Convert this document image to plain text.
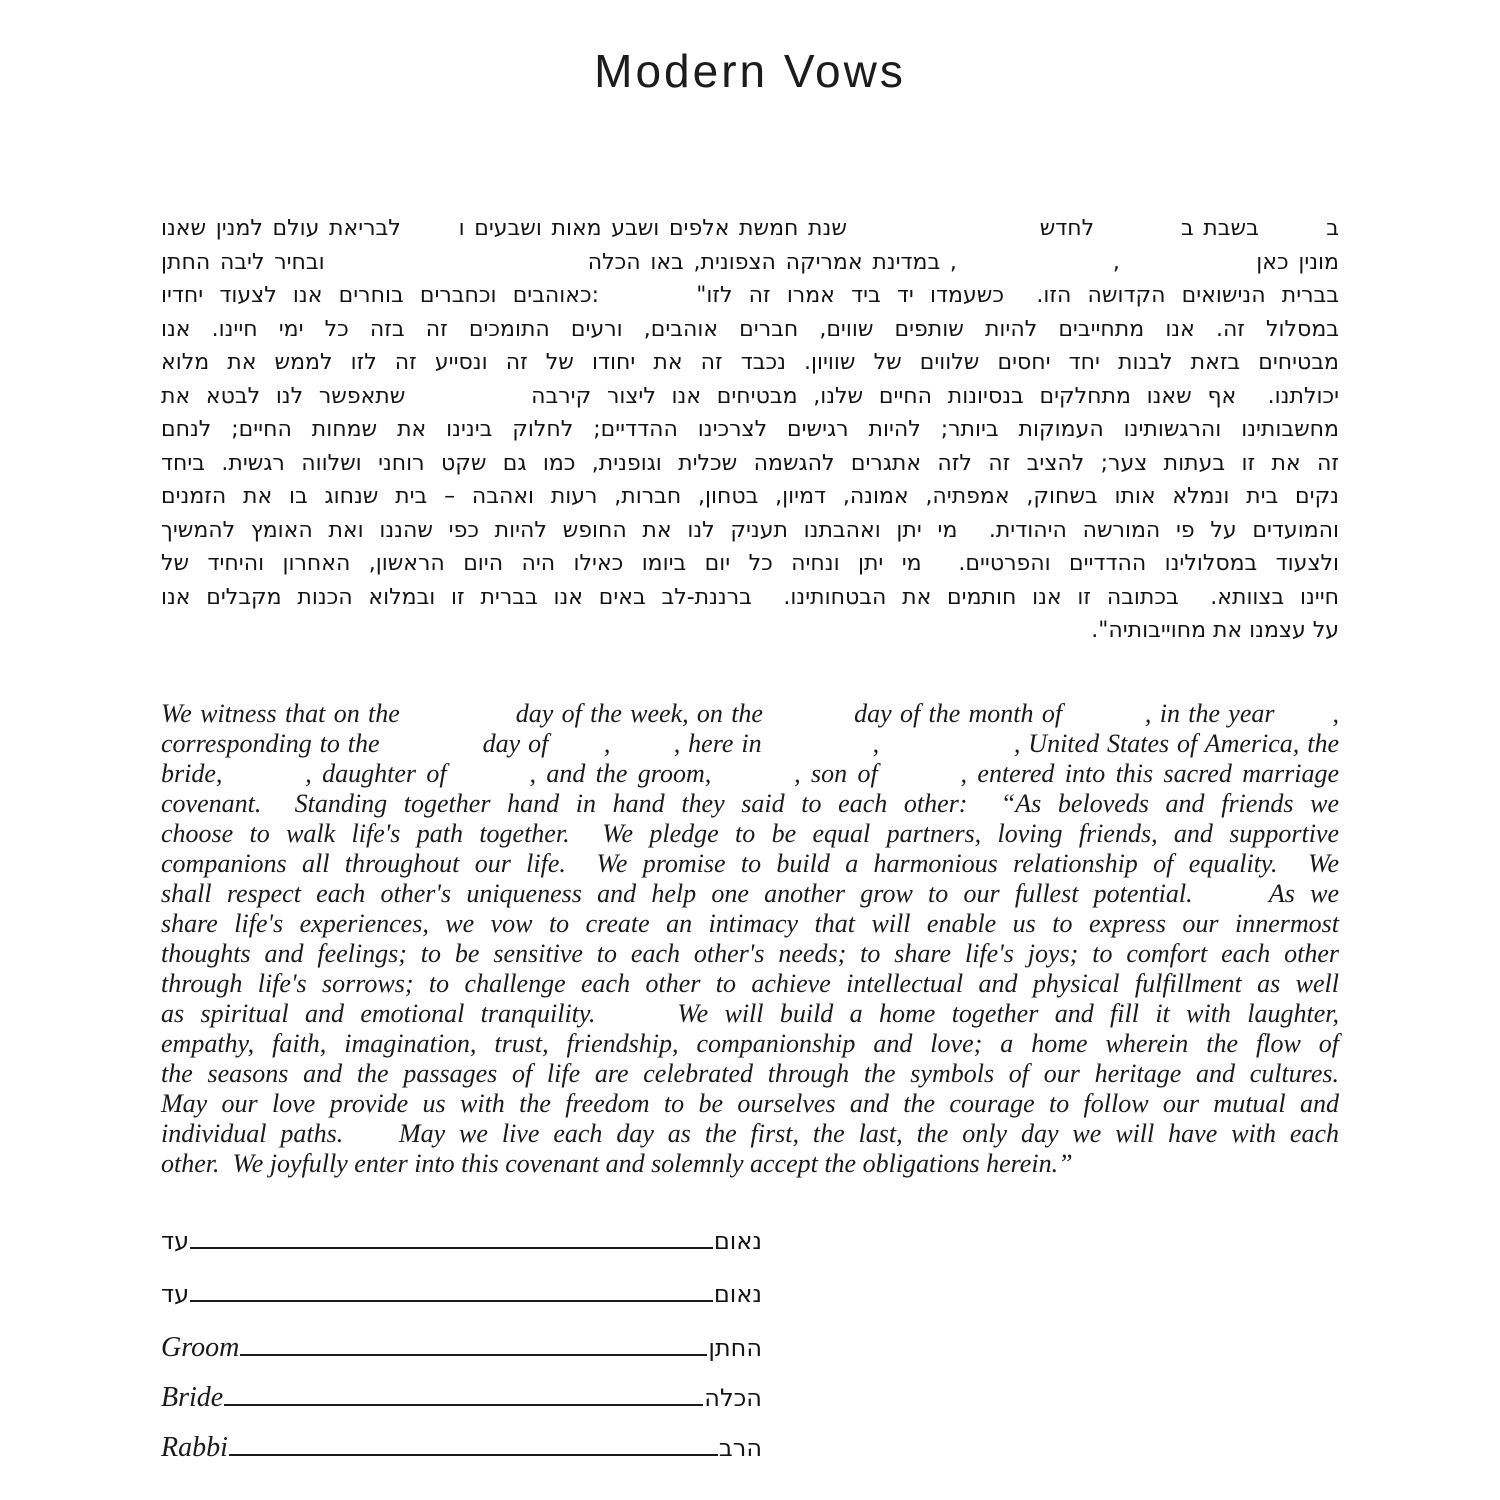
Modern Vows
ב       בשבת ב         לחדש                    שנת חמשת אלפים ושבע מאות ושבעים ו      לבריאת עולם למנין שאנו
מונין כאן              ,                , במדינת אמריקה הצפונית, באו הכלה                           ובחיר ליבה החתן
בברית הנישואים הקדושה הזו.  כשעמדו יד ביד אמרו זה לזו"      :כאוהבים וכחברים בוחרים אנו לצעוד יחדיו
במסלול זה. אנו מתחייבים להיות שותפים שווים, חברים אוהבים, ורעים התומכים זה בזה כל ימי חיינו. אנו
מבטיחים בזאת לבנות יחד יחסים שלווים של שוויון. נכבד זה את יחודו של זה ונסייע זה לזו לממש את מלוא
יכולתנו.  אף שאנו מתחלקים בנסיונות החיים שלנו, מבטיחים אנו ליצור קירבה        שתאפשר לנו לבטא את
מחשבותינו והרגשותינו העמוקות ביותר; להיות רגישים לצרכינו ההדדיים; לחלוק בינינו את שמחות החיים; לנחם
זה את זו בעתות צער; להציב זה לזה אתגרים להגשמה שכלית וגופנית, כמו גם שקט רוחני ושלווה רגשית. ביחד
נקים בית ונמלא אותו בשחוק, אמפתיה, אמונה, דמיון, בטחון, חברות, רעות ואהבה – בית שנחוג בו את הזמנים
והמועדים על פי המורשה היהודית.  מי יתן ואהבתנו תעניק לנו את החופש להיות כפי שהננו ואת האומץ להמשיך
ולצעוד במסלולינו ההדדיים והפרטיים.  מי יתן ונחיה כל יום ביומו כאילו היה היום הראשון, האחרון והיחיד של
חיינו בצוותא.  בכתובה זו אנו חותמים את הבטחותינו.  ברננת-לב באים אנו בברית זו ובמלוא הכנות מקבלים אנו
על עצמנו את מחוייבותיה".
We witness that on the              day of the week, on the           day of the month of          , in the year       ,
corresponding to the             day of       ,        , here in              ,                 , United States of America, the
bride,        , daughter of        , and the groom,        , son of        , entered into this sacred marriage
covenant.  Standing together hand in hand they said to each other:  “As beloveds and friends we
choose to walk life's path together.  We pledge to be equal partners, loving friends, and supportive
companions all throughout our life.  We promise to build a harmonious relationship of equality.  We
shall respect each other's uniqueness and help one another grow to our fullest potential.     As we
share life's experiences, we vow to create an intimacy that will enable us to express our innermost
thoughts and feelings; to be sensitive to each other's needs; to share life's joys; to comfort each other
through life's sorrows; to challenge each other to achieve intellectual and physical fulfillment as well
as spiritual and emotional tranquility.     We will build a home together and fill it with laughter,
empathy, faith, imagination, trust, friendship, companionship and love; a home wherein the flow of
the seasons and the passages of life are celebrated through the symbols of our heritage and cultures.
May our love provide us with the freedom to be ourselves and the courage to follow our mutual and
individual paths.    May we live each day as the first, the last, the only day we will have with each
other.  We joyfully enter into this covenant and solemnly accept the obligations herein.”
עד	נאום
עד	נאום
Groom	החתן
Bride	הכלה
Rabbi	הרב
